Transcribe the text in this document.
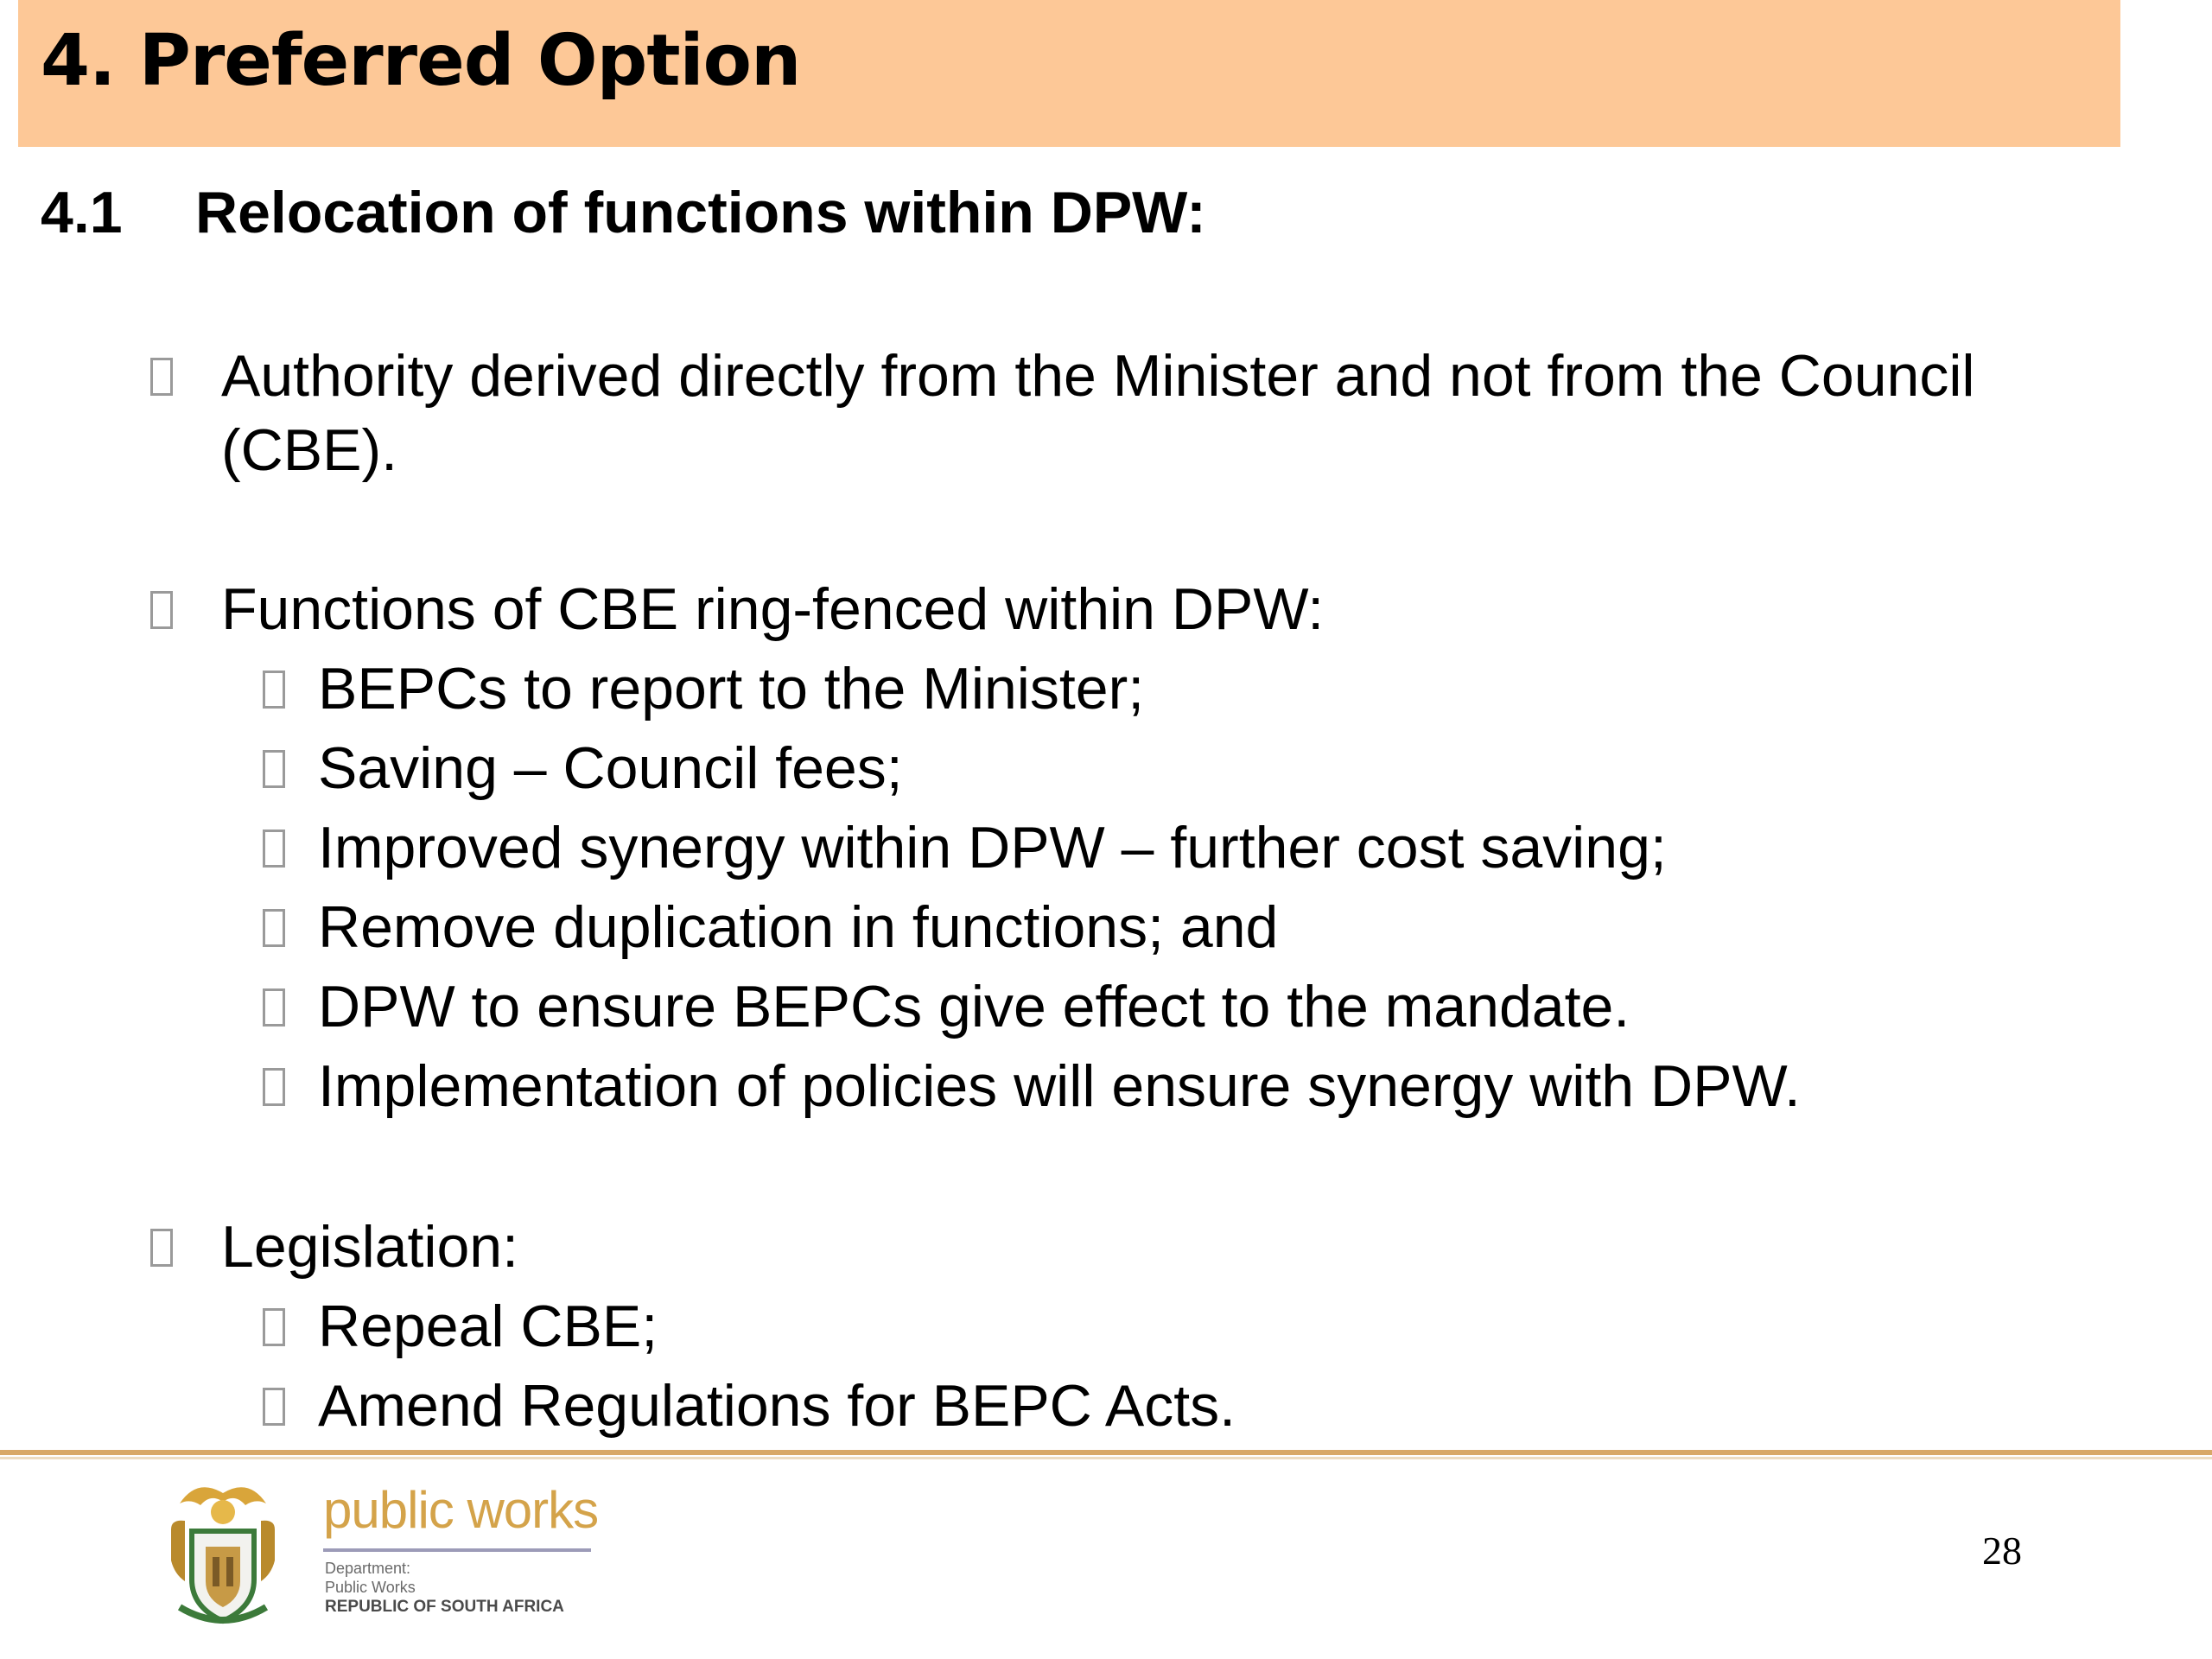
4. Preferred Option
4.1 Relocation of functions within DPW:
Authority derived directly from the Minister and not from the Council
(CBE).
Functions of CBE ring-fenced within DPW:
BEPCs to report to the Minister;
Saving – Council fees;
Improved synergy within DPW – further cost saving;
Remove duplication in functions; and
DPW to ensure BEPCs give effect to the mandate.
Implementation of policies will ensure synergy with DPW.
Legislation:
Repeal CBE;
Amend Regulations for BEPC Acts.
public works
Department:
Public Works
REPUBLIC OF SOUTH AFRICA
28
